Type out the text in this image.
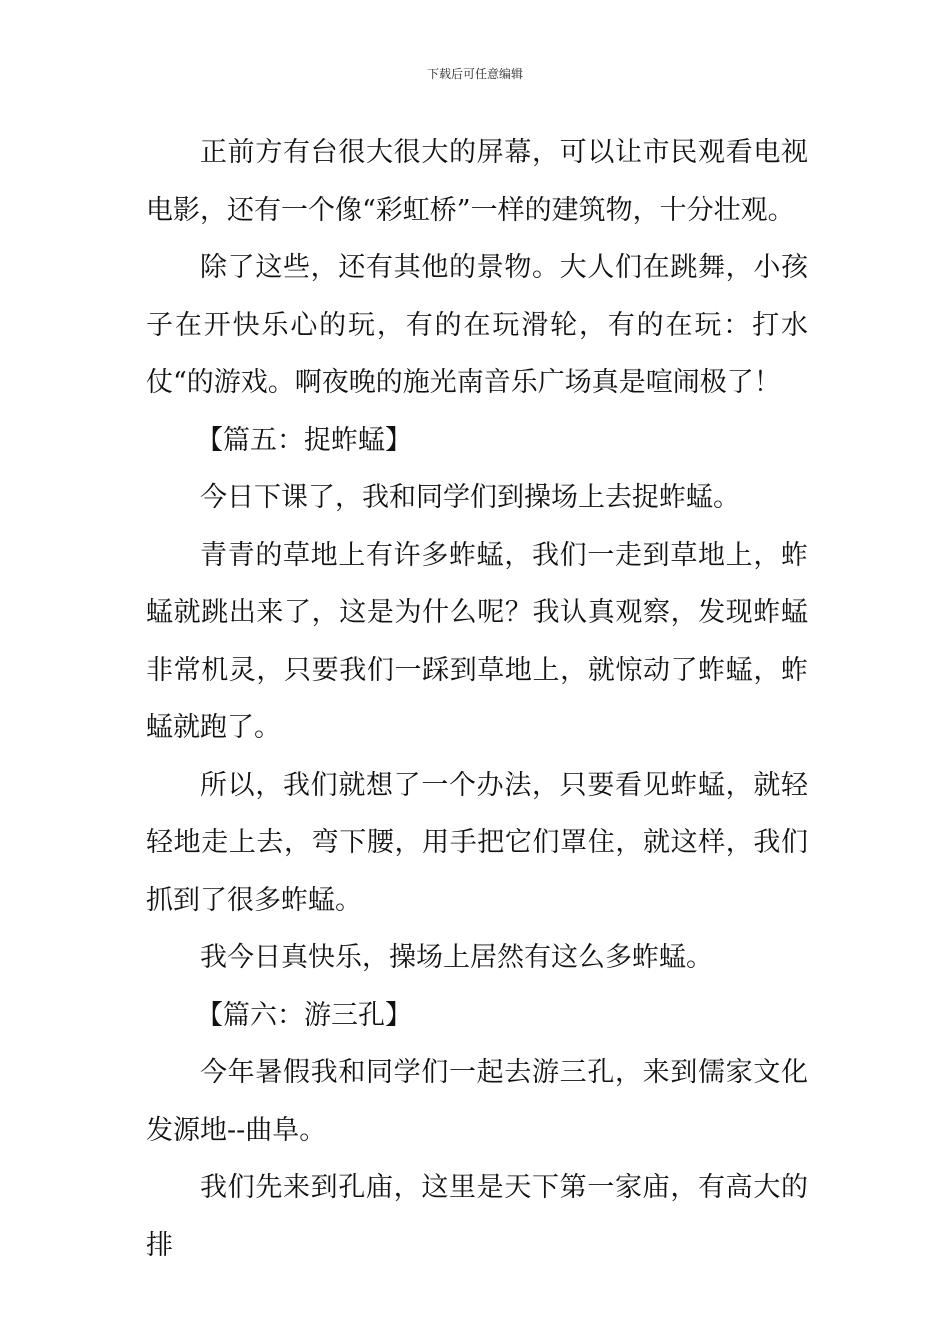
下载后可任意编辑

正前方有台很大很大的屏幕，可以让市民观看电视电影，还有一个像“彩虹桥”一样的建筑物，十分壮观。

除了这些，还有其他的景物。大人们在跳舞，小孩子在开快乐心的玩，有的在玩滑轮，有的在玩：打水仗“的游戏。啊夜晚的施光南音乐广场真是喧闹极了！

【篇五：捉蚱蜢】

今日下课了，我和同学们到操场上去捉蚱蜢。

青青的草地上有许多蚱蜢，我们一走到草地上，蚱蜢就跳出来了，这是为什么呢？我认真观察，发现蚱蜢非常机灵，只要我们一踩到草地上，就惊动了蚱蜢，蚱蜢就跑了。

所以，我们就想了一个办法，只要看见蚱蜢，就轻轻地走上去，弯下腰，用手把它们罩住，就这样，我们抓到了很多蚱蜢。

我今日真快乐，操场上居然有这么多蚱蜢。

【篇六：游三孔】

今年暑假我和同学们一起去游三孔，来到儒家文化发源地--曲阜。

我们先来到孔庙，这里是天下第一家庙，有高大的排
